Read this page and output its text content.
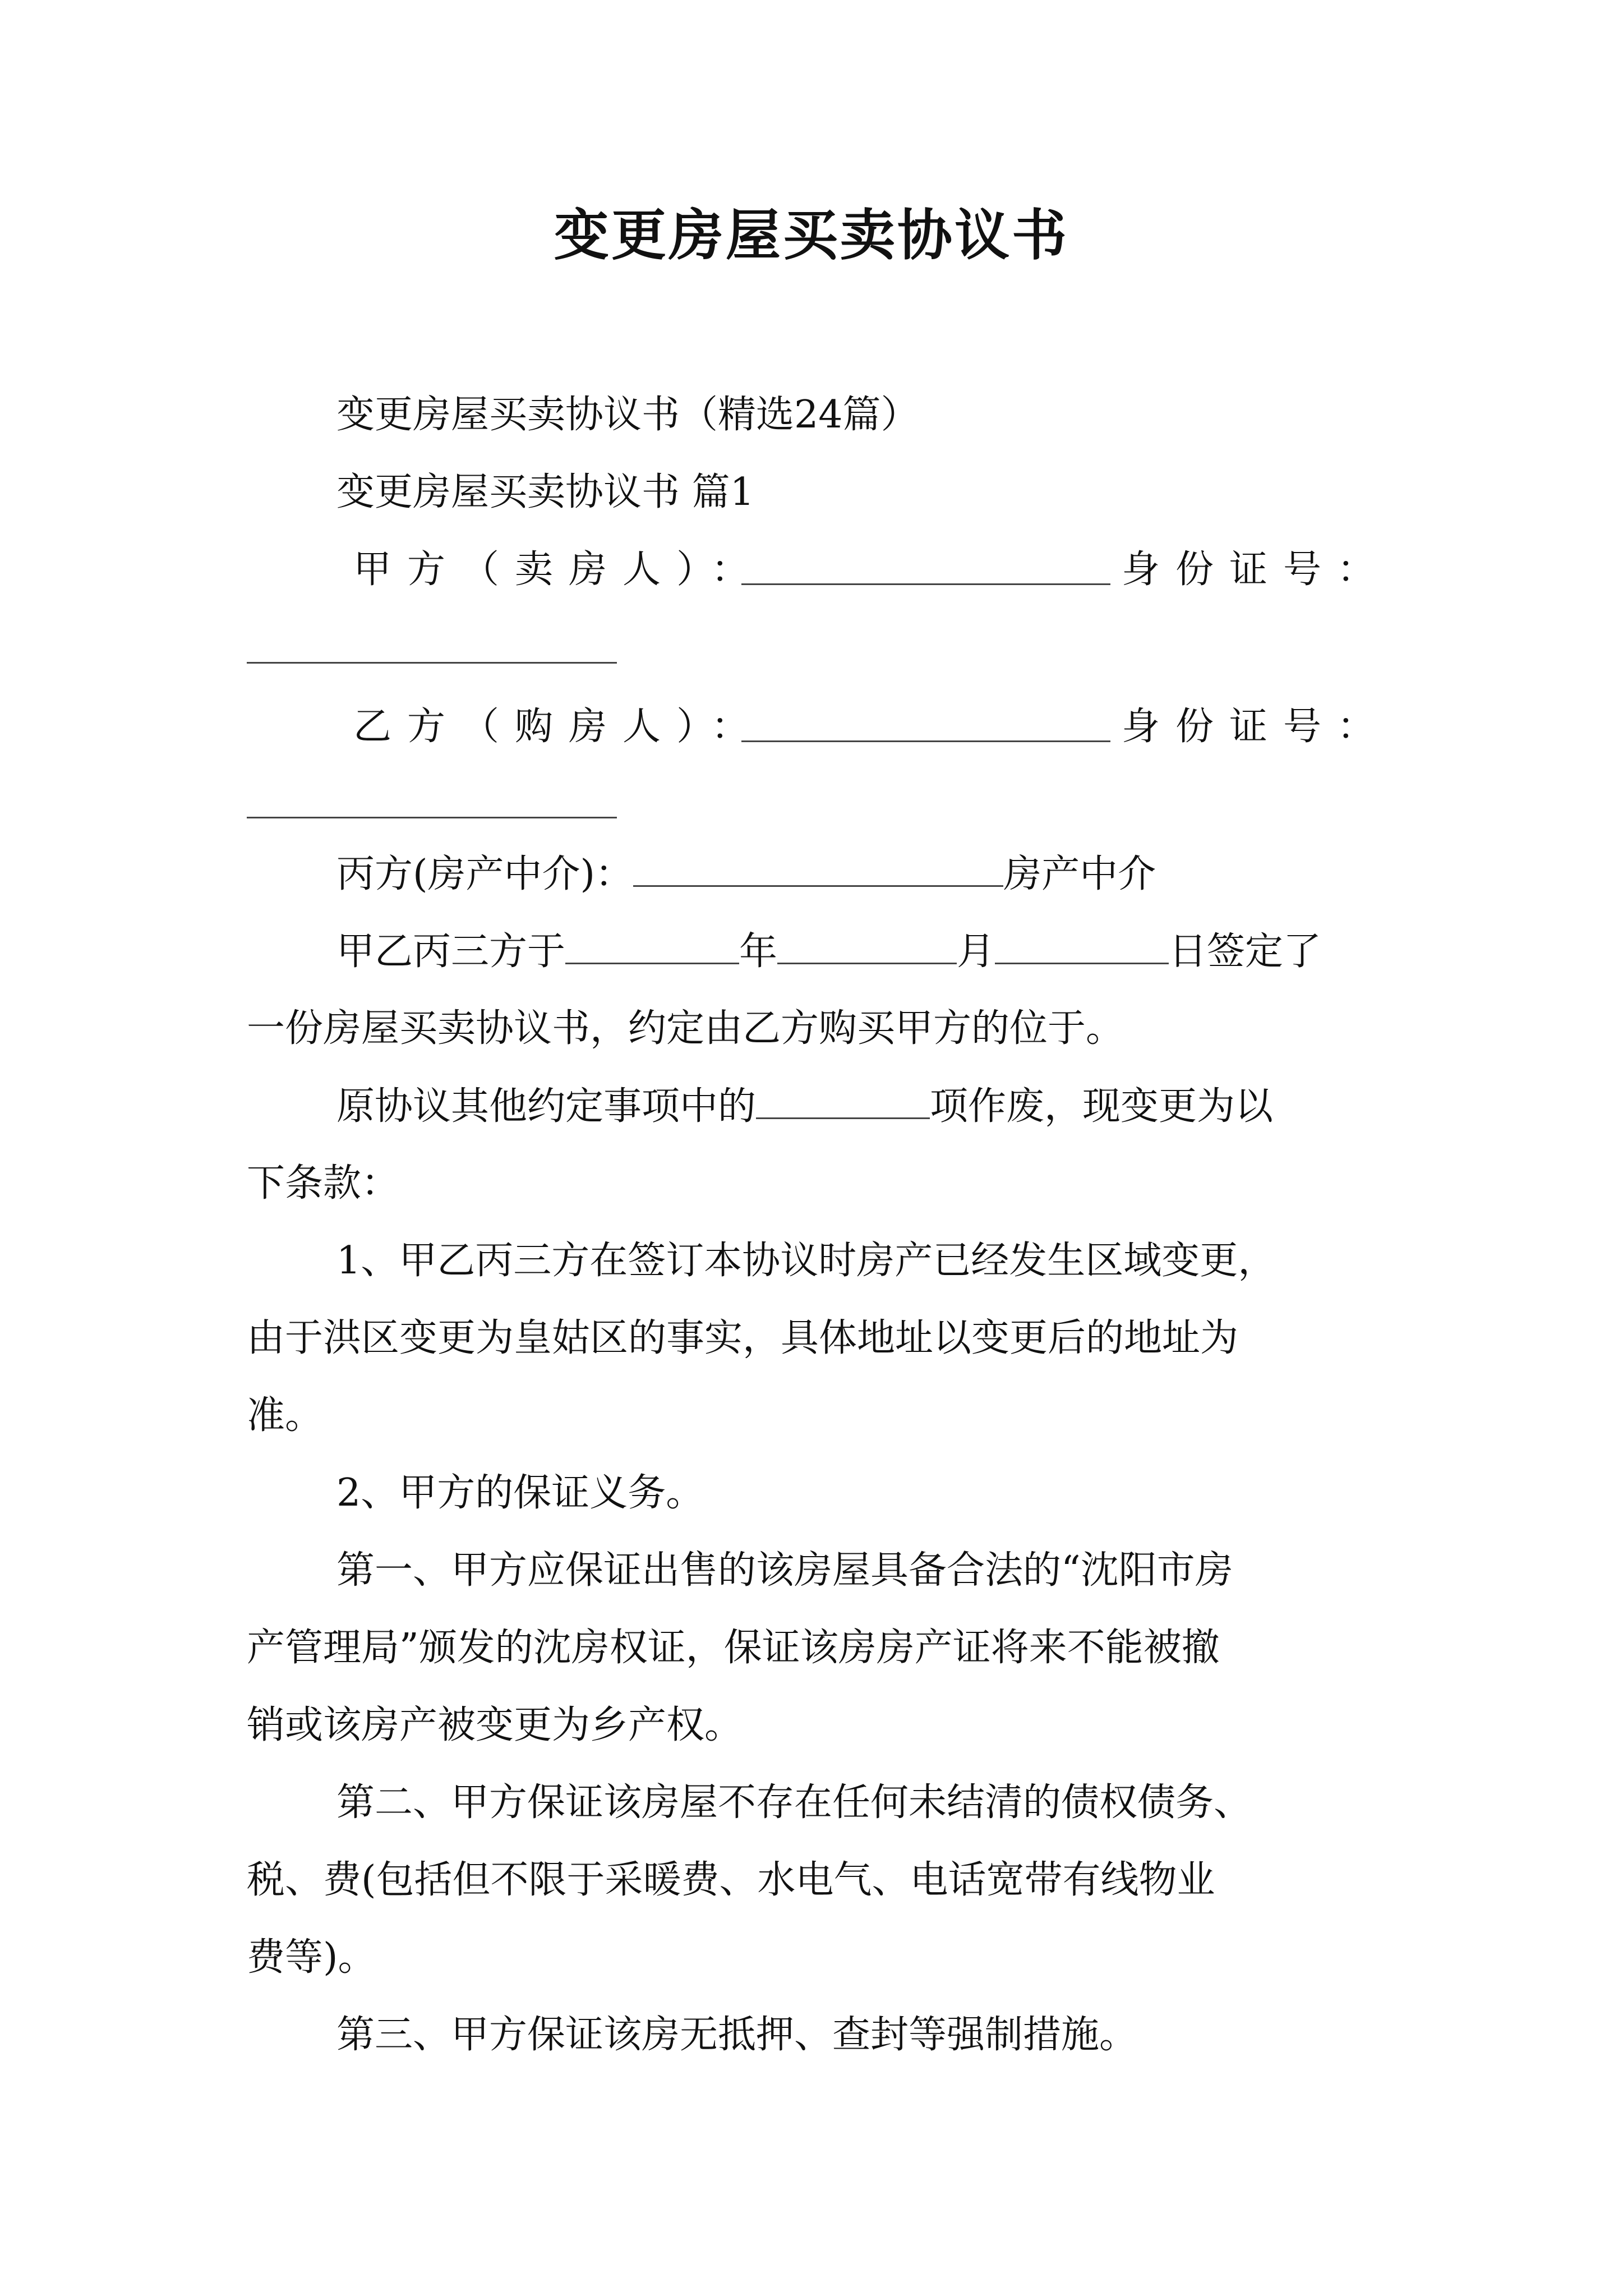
变更房屋买卖协议书
变更房屋买卖协议书（精选24篇）
变更房屋买卖协议书 篇1
甲方（卖房人）：	身份证号：
乙方（购房人）：	身份证号：
丙方(房产中介)：	房产中介
甲乙丙三方于	年	月	日签定了
一份房屋买卖协议书，约定由乙方购买甲方的位于。
原协议其他约定事项中的	项作废，现变更为以
下条款：
1、甲乙丙三方在签订本协议时房产已经发生区域变更，
由于洪区变更为皇姑区的事实，具体地址以变更后的地址为
准。
2、甲方的保证义务。
第一、甲方应保证出售的该房屋具备合法的“沈阳市房
产管理局”颁发的沈房权证，保证该房房产证将来不能被撤
销或该房产被变更为乡产权。
第二、甲方保证该房屋不存在任何未结清的债权债务、
税、费(包括但不限于采暖费、水电气、电话宽带有线物业
费等)。
第三、甲方保证该房无抵押、查封等强制措施。
